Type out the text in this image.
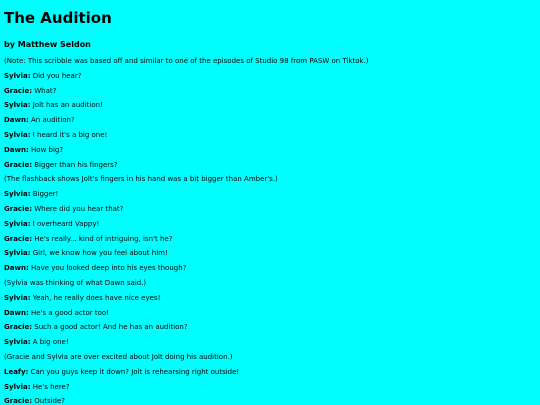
The Audition
by Matthew Seldon
(Note: This scribble was based off and similar to one of the episodes of Studio 98 from PASW on Tiktok.)
Sylvia: Did you hear?
Gracie: What?
Sylvia: Jolt has an audition!
Dawn: An audition?
Sylvia: I heard it's a big one!
Dawn: How big?
Gracie: Bigger than his fingers?
(The flashback shows Jolt's fingers in his hand was a bit bigger than Amber's.)
Sylvia: Bigger!
Gracie: Where did you hear that?
Sylvia: I overheard Vappy!
Gracie: He's really... kind of intriguing, isn't he?
Sylvia: Girl, we know how you feel about him!
Dawn: Have you looked deep into his eyes though?
(Sylvia was thinking of what Dawn said.)
Sylvia: Yeah, he really does have nice eyes!
Dawn: He's a good actor too!
Gracie: Such a good actor! And he has an audition?
Sylvia: A big one!
(Gracie and Sylvia are over excited about Jolt doing his audition.)
Leafy: Can you guys keep it down? Jolt is rehearsing right outside!
Sylvia: He's here?
Gracie: Outside?
